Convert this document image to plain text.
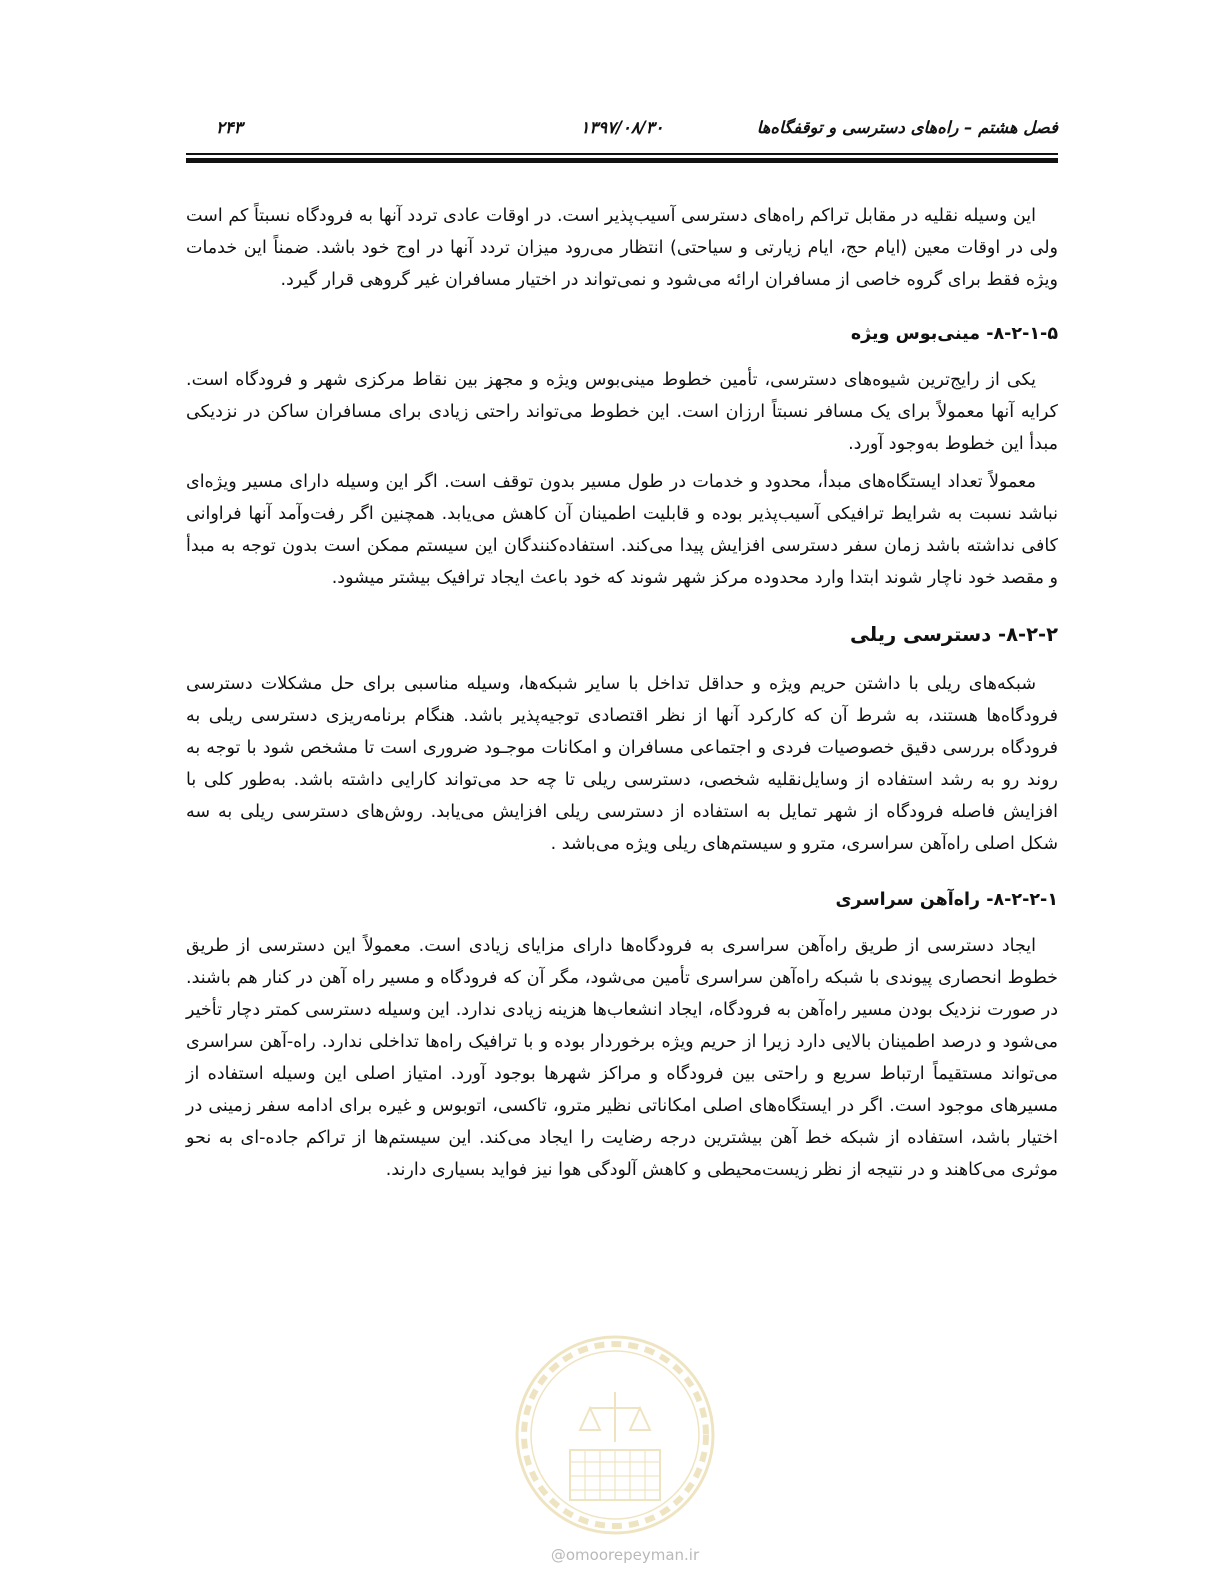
فصل هشتم – راه‌های دسترسی و توقفگاه‌ها
۱۳۹۷/۰۸/۳۰
۲۴۳

این وسیله نقلیه در مقابل تراکم راه‌های دسترسی آسیب‌پذیر است. در اوقات عادی تردد آنها به فرودگاه نسبتاً کم است ولی در اوقات معین (ایام حج، ایام زیارتی و سیاحتی) انتظار می‌رود میزان تردد آنها در اوج خود باشد. ضمناً این خدمات ویژه فقط برای گروه خاصی از مسافران ارائه می‌شود و نمی‌تواند در اختیار مسافران غیر گروهی قرار گیرد.

۸-۲-۱-۵- مینی‌بوس ویژه

یکی از رایج‌ترین شیوه‌های دسترسی، تأمین خطوط مینی‌بوس ویژه و مجهز بین نقاط مرکزی شهر و فرودگاه است. کرایه آنها معمولاً برای یک مسافر نسبتاً ارزان است. این خطوط می‌تواند راحتی زیادی برای مسافران ساکن در نزدیکی مبدأ این خطوط به‌وجود آورد.

معمولاً تعداد ایستگاه‌های مبدأ، محدود و خدمات در طول مسیر بدون توقف است. اگر این وسیله دارای مسیر ویژه‌ای نباشد نسبت به شرایط ترافیکی آسیب‌پذیر بوده و قابلیت اطمینان آن کاهش می‌یابد. همچنین اگر رفت‌وآمد آنها فراوانی کافی نداشته باشد زمان سفر دسترسی افزایش پیدا می‌کند. استفاده‌کنندگان این سیستم ممکن است بدون توجه به مبدأ و مقصد خود ناچار شوند ابتدا وارد محدوده مرکز شهر شوند که خود باعث ایجاد ترافیک بیشتر میشود.

۸-۲-۲- دسترسی ریلی

شبکه‌های ریلی با داشتن حریم ویژه و حداقل تداخل با سایر شبکه‌ها، وسیله مناسبی برای حل مشکلات دسترسی فرودگاه‌ها هستند، به شرط آن که کارکرد آنها از نظر اقتصادی توجیه‌پذیر باشد. هنگام برنامه‌ریزی دسترسی ریلی به فرودگاه بررسی دقیق خصوصیات فردی و اجتماعی مسافران و امکانات موجـود ضروری است تا مشخص شود با توجه به روند رو به رشد استفاده از وسایل‌نقلیه شخصی، دسترسی ریلی تا چه حد می‌تواند کارایی داشته باشد. به‌طور کلی با افزایش فاصله فرودگاه از شهر تمایل به استفاده از دسترسی ریلی افزایش می‌یابد. روش‌های دسترسی ریلی به سه شکل اصلی راه‌آهن سراسری، مترو و سیستم‌های ریلی ویژه می‌باشد .

۸-۲-۲-۱- راه‌آهن سراسری

ایجاد دسترسی از طریق راه‌آهن سراسری به فرودگاه‌ها دارای مزایای زیادی است. معمولاً این دسترسی از طریق خطوط انحصاری پیوندی با شبکه راه‌آهن سراسری تأمین می‌شود، مگر آن که فرودگاه و مسیر راه آهن در کنار هم باشند. در صورت نزدیک بودن مسیر راه‌آهن به فرودگاه، ایجاد انشعاب‌ها هزینه زیادی ندارد. این وسیله دسترسی کمتر دچار تأخیر می‌شود و درصد اطمینان بالایی دارد زیرا از حریم ویژه برخوردار بوده و با ترافیک راه‌ها تداخلی ندارد. راه-آهن سراسری می‌تواند مستقیماً ارتباط سریع و راحتی بین فرودگاه و مراکز شهرها بوجود آورد. امتیاز اصلی این وسیله استفاده از مسیرهای موجود است. اگر در ایستگاه‌های اصلی امکاناتی نظیر مترو، تاکسی، اتوبوس و غیره برای ادامه سفر زمینی در اختیار باشد، استفاده از شبکه خط آهن بیشترین درجه رضایت را ایجاد می‌کند. این سیستم‌ها از تراکم جاده-ای به نحو موثری می‌کاهند و در نتیجه از نظر زیست‌محیطی و کاهش آلودگی هوا نیز فواید بسیاری دارند.

@omoorepeyman.ir
